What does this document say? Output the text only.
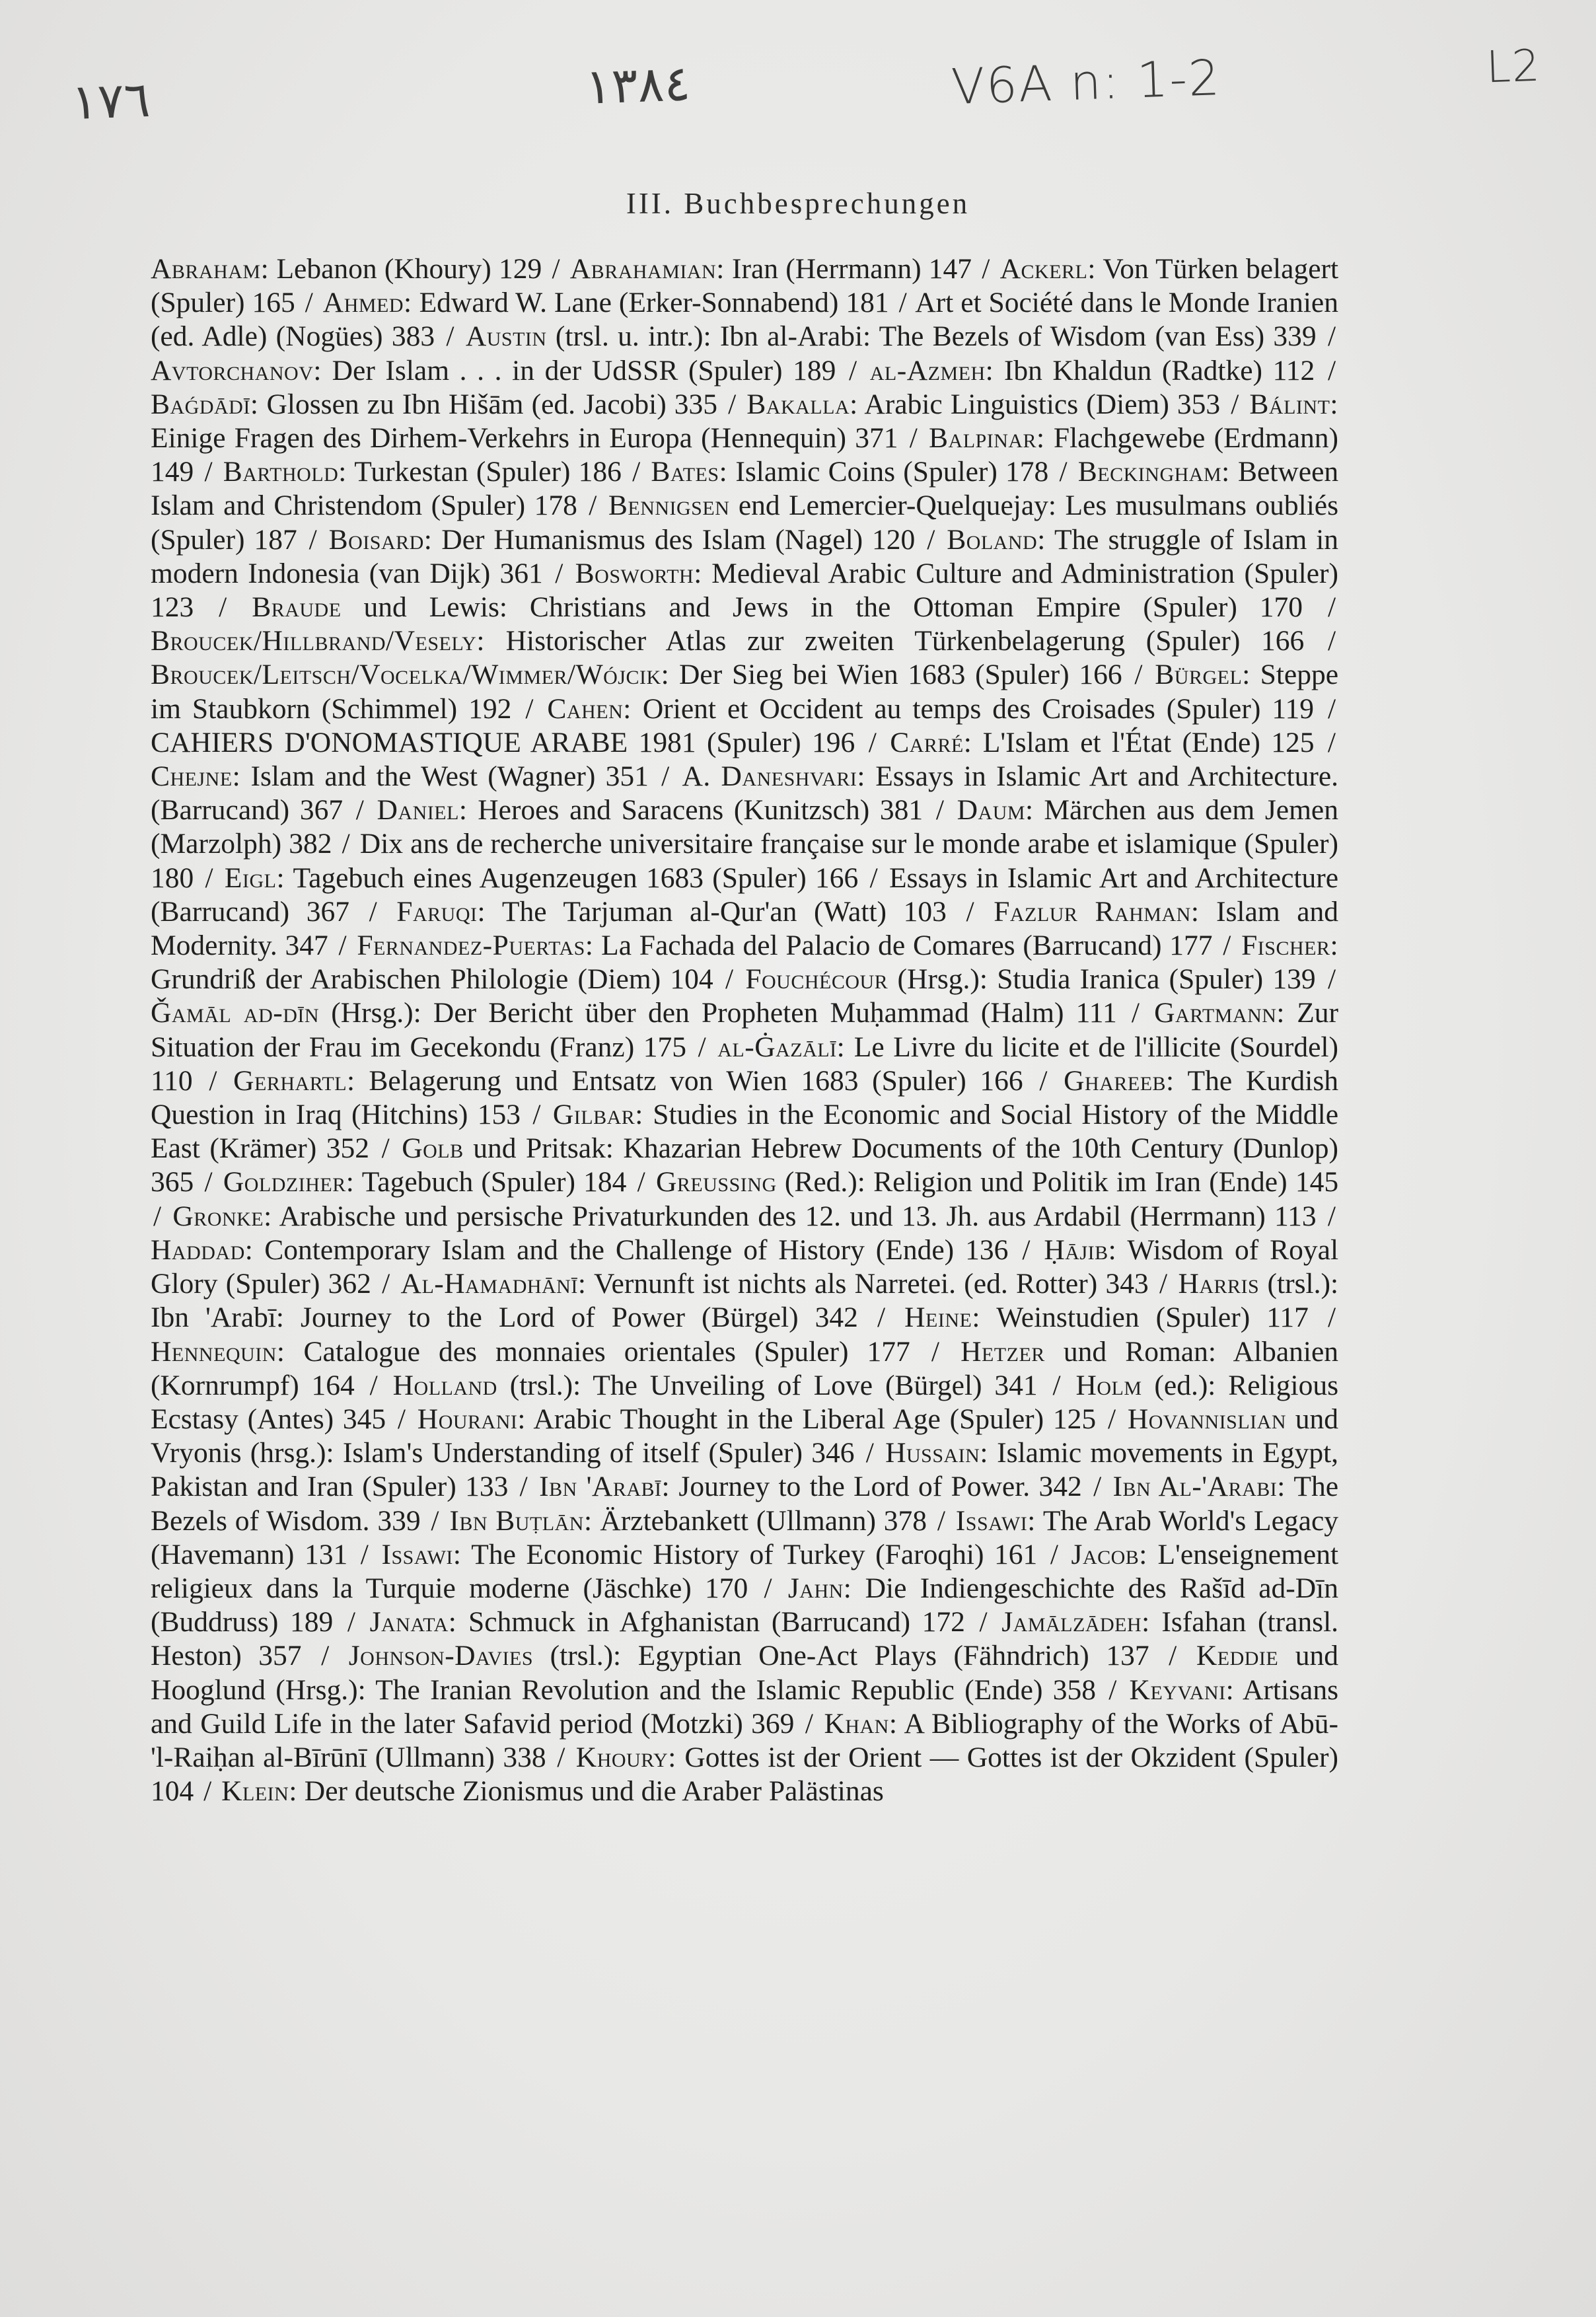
۱۷٦	۱۳۸٤	V6A n: 1-2	L2
III. Buchbesprechungen
Abraham: Lebanon (Khoury) 129 / Abrahamian: Iran (Herrmann) 147 / Ackerl: Von Türken belagert (Spuler) 165 / Ahmed: Edward W. Lane (Erker-Sonnabend) 181 / Art et Société dans le Monde Iranien (ed. Adle) (Nogües) 383 / Austin (trsl. u. intr.): Ibn al-Arabi: The Bezels of Wisdom (van Ess) 339 / Avtorchanov: Der Islam . . . in der UdSSR (Spuler) 189 / al-Azmeh: Ibn Khaldun (Radtke) 112 / Baǵdādī: Glossen zu Ibn Hišām (ed. Jacobi) 335 / Bakalla: Arabic Linguistics (Diem) 353 / Bálint: Einige Fragen des Dirhem-Verkehrs in Europa (Hennequin) 371 / Balpinar: Flachgewebe (Erdmann) 149 / Barthold: Turkestan (Spuler) 186 / Bates: Islamic Coins (Spuler) 178 / Beckingham: Between Islam and Christendom (Spuler) 178 / Bennigsen end Lemercier-Quelquejay: Les musulmans oubliés (Spuler) 187 / Boisard: Der Humanismus des Islam (Nagel) 120 / Boland: The struggle of Islam in modern Indonesia (van Dijk) 361 / Bosworth: Medieval Arabic Culture and Administration (Spuler) 123 / Braude und Lewis: Christians and Jews in the Ottoman Empire (Spuler) 170 / Broucek/Hillbrand/Vesely: Historischer Atlas zur zweiten Türkenbelagerung (Spuler) 166 / Broucek/Leitsch/Vocelka/Wimmer/Wójcik: Der Sieg bei Wien 1683 (Spuler) 166 / Bürgel: Steppe im Staubkorn (Schimmel) 192 / Cahen: Orient et Occident au temps des Croisades (Spuler) 119 / CAHIERS D'ONOMASTIQUE ARABE 1981 (Spuler) 196 / Carré: L'Islam et l'État (Ende) 125 / Chejne: Islam and the West (Wagner) 351 / A. Daneshvari: Essays in Islamic Art and Architecture. (Barrucand) 367 / Daniel: Heroes and Saracens (Kunitzsch) 381 / Daum: Märchen aus dem Jemen (Marzolph) 382 / Dix ans de recherche universitaire française sur le monde arabe et islamique (Spuler) 180 / Eigl: Tagebuch eines Augenzeugen 1683 (Spuler) 166 / Essays in Islamic Art and Architecture (Barrucand) 367 / Faruqi: The Tarjuman al-Qur'an (Watt) 103 / Fazlur Rahman: Islam and Modernity. 347 / Fernandez-Puertas: La Fachada del Palacio de Comares (Barrucand) 177 / Fischer: Grundriß der Arabischen Philologie (Diem) 104 / Fouchécour (Hrsg.): Studia Iranica (Spuler) 139 / Ǧamāl ad-dīn (Hrsg.): Der Bericht über den Propheten Muḥammad (Halm) 111 / Gartmann: Zur Situation der Frau im Gecekondu (Franz) 175 / al-Ġazālī: Le Livre du licite et de l'illicite (Sourdel) 110 / Gerhartl: Belagerung und Entsatz von Wien 1683 (Spuler) 166 / Ghareeb: The Kurdish Question in Iraq (Hitchins) 153 / Gilbar: Studies in the Economic and Social History of the Middle East (Krämer) 352 / Golb und Pritsak: Khazarian Hebrew Documents of the 10th Century (Dunlop) 365 / Goldziher: Tagebuch (Spuler) 184 / Greussing (Red.): Religion und Politik im Iran (Ende) 145 / Gronke: Arabische und persische Privaturkunden des 12. und 13. Jh. aus Ardabil (Herrmann) 113 / Haddad: Contemporary Islam and the Challenge of History (Ende) 136 / Ḥājib: Wisdom of Royal Glory (Spuler) 362 / Al-Hamadhānī: Vernunft ist nichts als Narretei. (ed. Rotter) 343 / Harris (trsl.): Ibn 'Arabī: Journey to the Lord of Power (Bürgel) 342 / Heine: Weinstudien (Spuler) 117 / Hennequin: Catalogue des monnaies orientales (Spuler) 177 / Hetzer und Roman: Albanien (Kornrumpf) 164 / Holland (trsl.): The Unveiling of Love (Bürgel) 341 / Holm (ed.): Religious Ecstasy (Antes) 345 / Hourani: Arabic Thought in the Liberal Age (Spuler) 125 / Hovannislian und Vryonis (hrsg.): Islam's Understanding of itself (Spuler) 346 / Hussain: Islamic movements in Egypt, Pakistan and Iran (Spuler) 133 / Ibn 'Arabī: Journey to the Lord of Power. 342 / Ibn Al-'Arabi: The Bezels of Wisdom. 339 / Ibn Buṭlān: Ärztebankett (Ullmann) 378 / Issawi: The Arab World's Legacy (Havemann) 131 / Issawi: The Economic History of Turkey (Faroqhi) 161 / Jacob: L'enseignement religieux dans la Turquie moderne (Jäschke) 170 / Jahn: Die Indiengeschichte des Rašīd ad-Dīn (Buddruss) 189 / Janata: Schmuck in Afghanistan (Barrucand) 172 / Jamālzādeh: Isfahan (transl. Heston) 357 / Johnson-Davies (trsl.): Egyptian One-Act Plays (Fähndrich) 137 / Keddie und Hooglund (Hrsg.): The Iranian Revolution and the Islamic Republic (Ende) 358 / Keyvani: Artisans and Guild Life in the later Safavid period (Motzki) 369 / Khan: A Bibliography of the Works of Abū-'l-Raiḥan al-Bīrūnī (Ullmann) 338 / Khoury: Gottes ist der Orient — Gottes ist der Okzident (Spuler) 104 / Klein: Der deutsche Zionismus und die Araber Palästinas
